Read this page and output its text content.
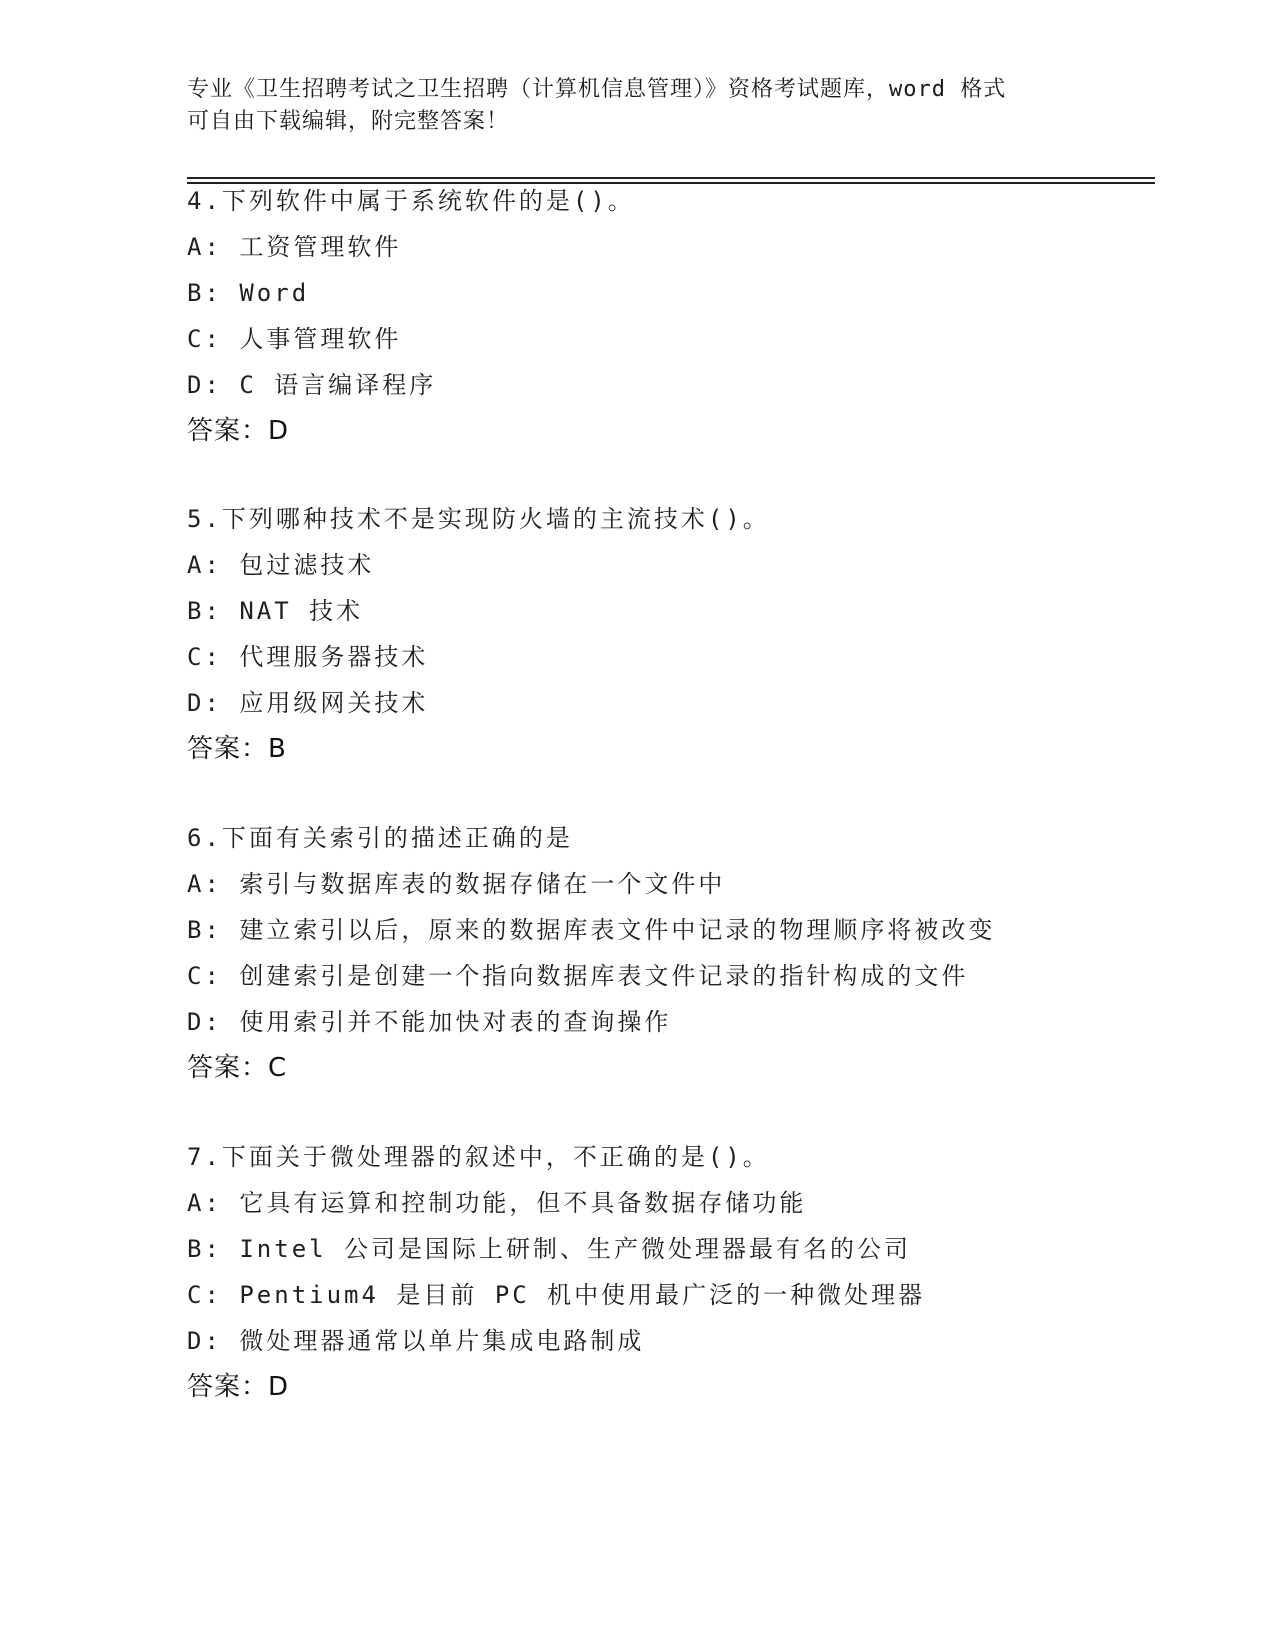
专业《卫生招聘考试之卫生招聘（计算机信息管理）》资格考试题库，word 格式
可自由下载编辑，附完整答案！
4.下列软件中属于系统软件的是()。
A: 工资管理软件
B: Word
C: 人事管理软件
D: C 语言编译程序
答案：D
5.下列哪种技术不是实现防火墙的主流技术()。
A: 包过滤技术
B: NAT 技术
C: 代理服务器技术
D: 应用级网关技术
答案：B
6.下面有关索引的描述正确的是
A: 索引与数据库表的数据存储在一个文件中
B: 建立索引以后，原来的数据库表文件中记录的物理顺序将被改变
C: 创建索引是创建一个指向数据库表文件记录的指针构成的文件
D: 使用索引并不能加快对表的查询操作
答案：C
7.下面关于微处理器的叙述中，不正确的是()。
A: 它具有运算和控制功能，但不具备数据存储功能
B: Intel 公司是国际上研制、生产微处理器最有名的公司
C: Pentium4 是目前 PC 机中使用最广泛的一种微处理器
D: 微处理器通常以单片集成电路制成
答案：D
